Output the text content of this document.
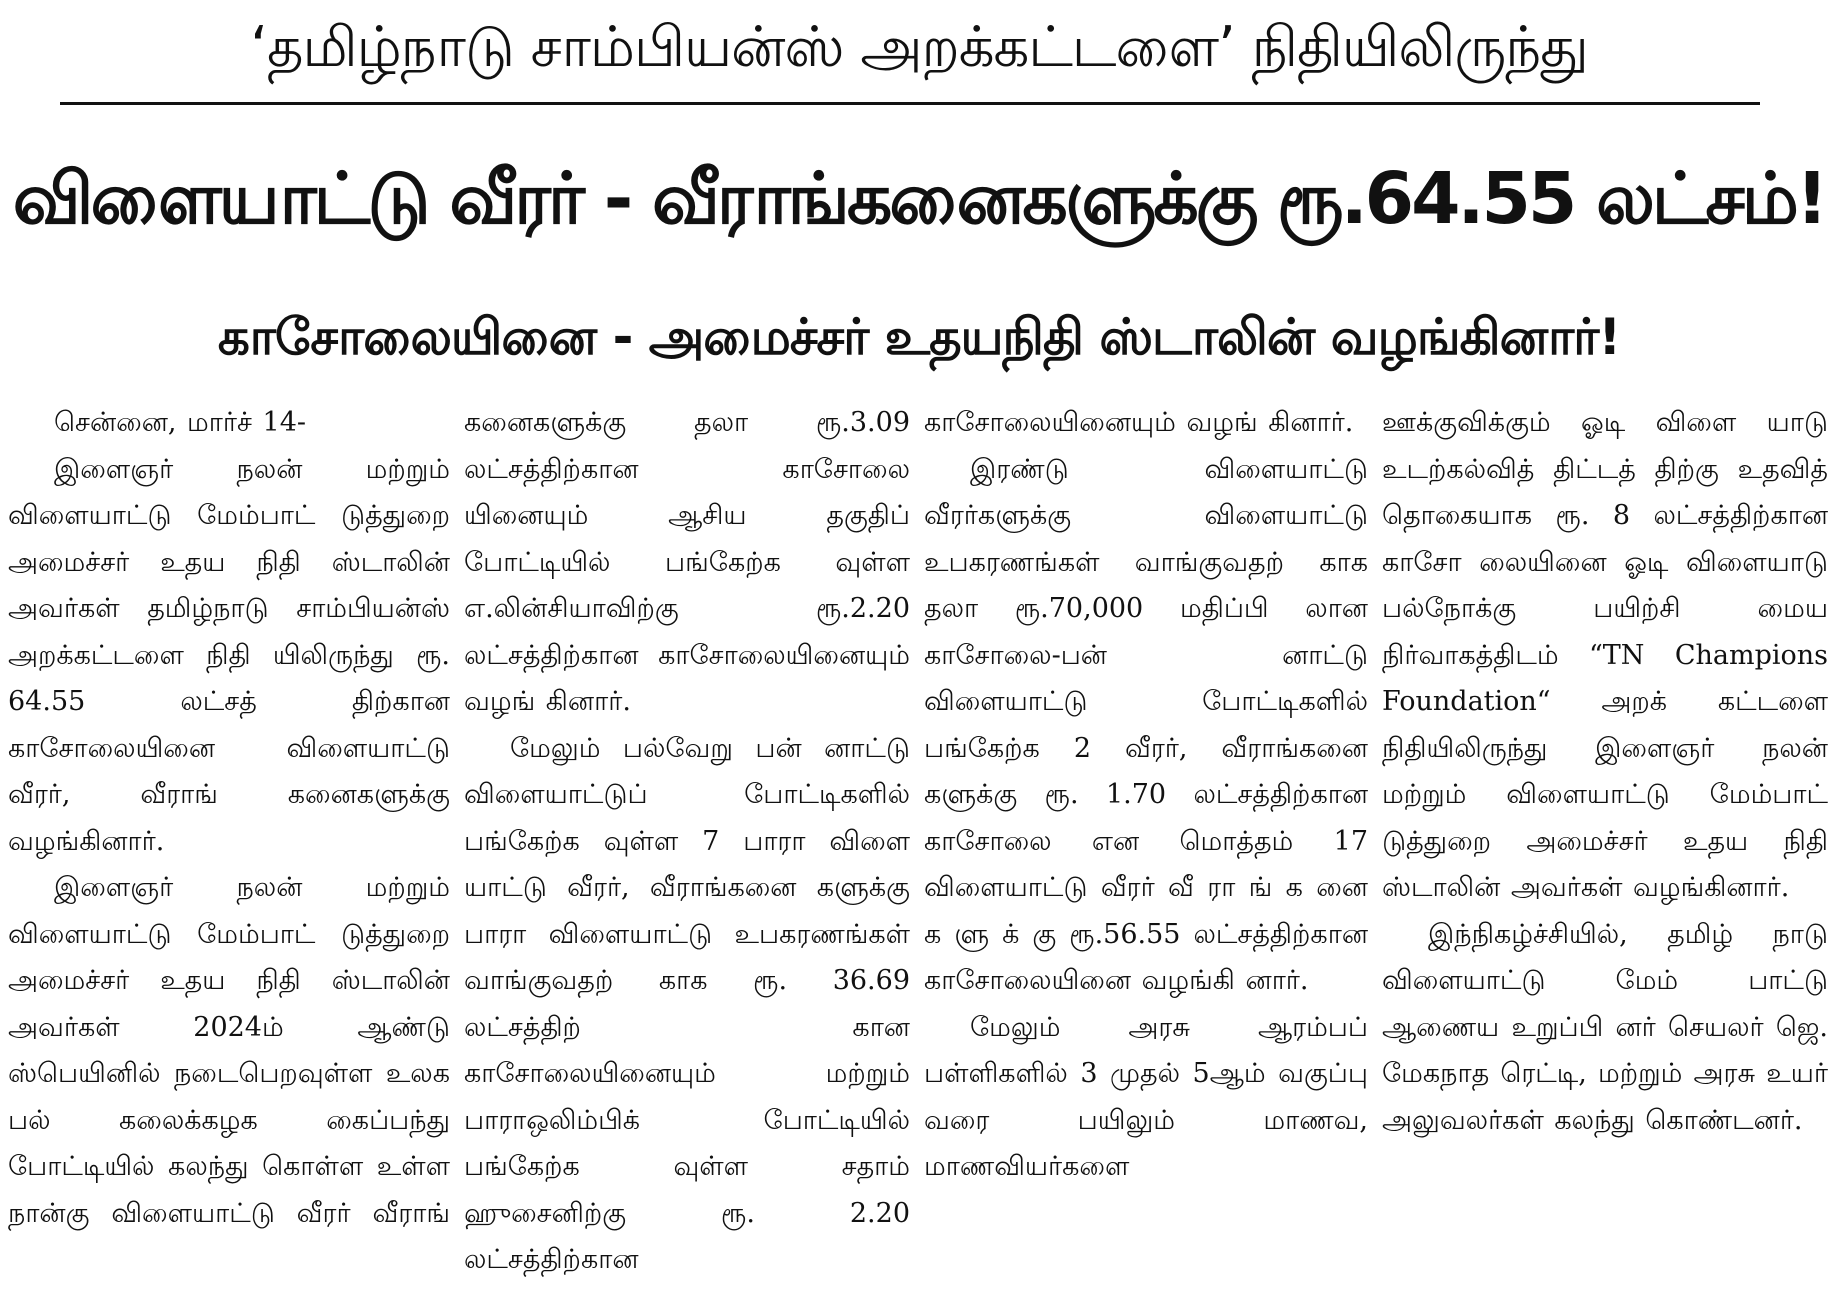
‘தமிழ்நாடு சாம்பியன்ஸ் அறக்கட்டளை’ நிதியிலிருந்து
விளையாட்டு வீரர் - வீராங்கனைகளுக்கு ரூ.64.55 லட்சம்!
காசோலையினை - அமைச்சர் உதயநிதி ஸ்டாலின் வழங்கினார்!

சென்னை, மார்ச் 14-

இளைஞர் நலன் மற்றும் விளையாட்டு மேம்பாட் டுத்துறை அமைச்சர் உதய நிதி ஸ்டாலின் அவர்கள் தமிழ்நாடு சாம்பியன்ஸ் அறக்கட்டளை நிதி யிலிருந்து ரூ. 64.55 லட்சத் திற்கான காசோலையினை விளையாட்டு வீரர், வீராங் கனைகளுக்கு வழங்கினார்.

இளைஞர் நலன் மற்றும் விளையாட்டு மேம்பாட் டுத்துறை அமைச்சர் உதய நிதி ஸ்டாலின் அவர்கள் 2024ம் ஆண்டு ஸ்பெயினில் நடைபெறவுள்ள உலக பல் கலைக்கழக கைப்பந்து போட்டியில் கலந்து கொள்ள உள்ள நான்கு விளையாட்டு வீரர் வீராங்

கனைகளுக்கு தலா ரூ.3.09 லட்சத்திற்கான காசோலை யினையும் ஆசிய தகுதிப் போட்டியில் பங்கேற்க வுள்ள எ.லின்சியாவிற்கு ரூ.2.20 லட்சத்திற்கான காசோலையினையும் வழங் கினார்.

மேலும் பல்வேறு பன் னாட்டு விளையாட்டுப் போட்டிகளில் பங்கேற்க வுள்ள 7 பாரா விளை யாட்டு வீரர், வீராங்கனை களுக்கு பாரா விளையாட்டு உபகரணங்கள் வாங்குவதற் காக ரூ. 36.69 லட்சத்திற் கான காசோலையினையும் மற்றும் பாராஒலிம்பிக் போட்டியில் பங்கேற்க வுள்ள சதாம் ஹுசைனிற்கு ரூ. 2.20 லட்சத்திற்கான

காசோலையினையும் வழங் கினார்.

இரண்டு விளையாட்டு வீரர்களுக்கு விளையாட்டு உபகரணங்கள் வாங்குவதற் காக தலா ரூ.70,000 மதிப்பி லான காசோலை-பன் னாட்டு விளையாட்டு போட்டிகளில் பங்கேற்க 2 வீரர், வீராங்கனை களுக்கு ரூ. 1.70 லட்சத்திற்கான காசோலை என மொத்தம் 17 விளையாட்டு வீரர் வீ ரா ங் க னை க ளு க் கு ரூ.56.55 லட்சத்திற்கான காசோலையினை வழங்கி னார்.

மேலும் அரசு ஆரம்பப் பள்ளிகளில் 3 முதல் 5ஆம் வகுப்பு வரை பயிலும் மாணவ, மாணவியர்களை

ஊக்குவிக்கும் ஓடி விளை யாடு உடற்கல்வித் திட்டத் திற்கு உதவித் தொகையாக ரூ. 8 லட்சத்திற்கான காசோ லையினை ஓடி விளையாடு பல்நோக்கு பயிற்சி மைய நிர்வாகத்திடம் “TN Champions Foundation“ அறக் கட்டளை நிதியிலிருந்து இளைஞர் நலன் மற்றும் விளையாட்டு மேம்பாட் டுத்துறை அமைச்சர் உதய நிதி ஸ்டாலின் அவர்கள் வழங்கினார்.

இந்நிகழ்ச்சியில், தமிழ் நாடு விளையாட்டு மேம் பாட்டு ஆணைய உறுப்பி னர் செயலர் ஜெ. மேகநாத ரெட்டி, மற்றும் அரசு உயர் அலுவலர்கள் கலந்து கொண்டனர்.
